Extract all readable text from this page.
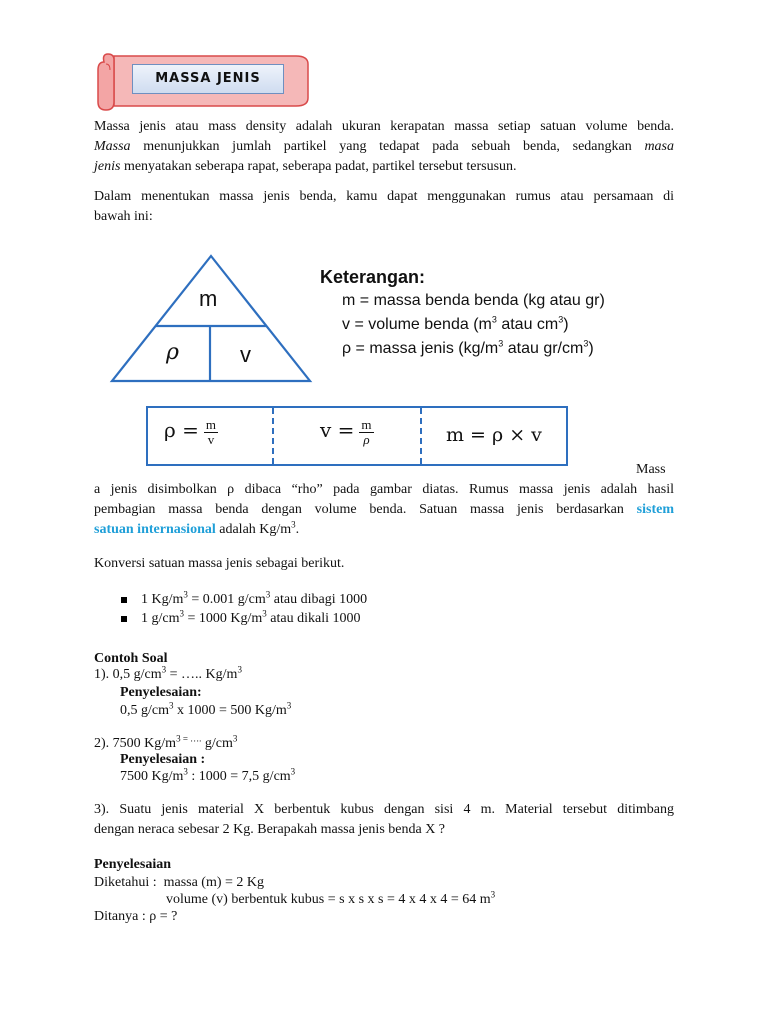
MASSA JENIS
Massa jenis atau mass density adalah ukuran kerapatan massa setiap satuan volume benda.
Massa menunjukkan jumlah partikel yang tedapat pada sebuah benda, sedangkan masa
jenis menyatakan seberapa rapat, seberapa padat, partikel tersebut tersusun.
Dalam menentukan massa jenis benda, kamu dapat menggunakan rumus atau persamaan di
bawah ini:
m
ρ	v
Keterangan:
m = massa benda benda (kg atau gr)
v = volume benda ($m^3$ atau $cm^3$)
ρ = massa jenis ($kg/m^3$ atau $gr/cm^3$)
$\rho = \frac{m}{v}$	$v = \frac{m}{\rho}$	m = ρ × v
Mass
a jenis disimbolkan ρ dibaca “rho” pada gambar diatas. Rumus massa jenis adalah hasil
pembagian massa benda dengan volume benda. Satuan massa jenis berdasarkan sistem
satuan internasional adalah $Kg/m^3$.
Konversi satuan massa jenis sebagai berikut.
1 $Kg/m^3 = 0.001$ $g/cm^3$ atau dibagi 1000
1 $g/cm^3 = 1000$ $Kg/m^3$ atau dikali 1000
Contoh Soal
1). 0,5 $g/cm^3$ = ….. $Kg/m^3$
Penyelesaian:
0,5 $g/cm^3$ x 1000 = 500 $Kg/m^3$
2). 7500 $Kg/m^{3 = \dots.}$ $g/cm^3$
Penyelesaian :
7500 $Kg/m^3$ : 1000 = 7,5 $g/cm^3$
3). Suatu jenis material X berbentuk kubus dengan sisi 4 m. Material tersebut ditimbang
dengan neraca sebesar 2 Kg. Berapakah massa jenis benda X ?
Penyelesaian
Diketahui :  massa (m) = 2 Kg
volume (v) berbentuk kubus = s x s x s = 4 x 4 x 4 = 64 $m^3$
Ditanya : ρ = ?
